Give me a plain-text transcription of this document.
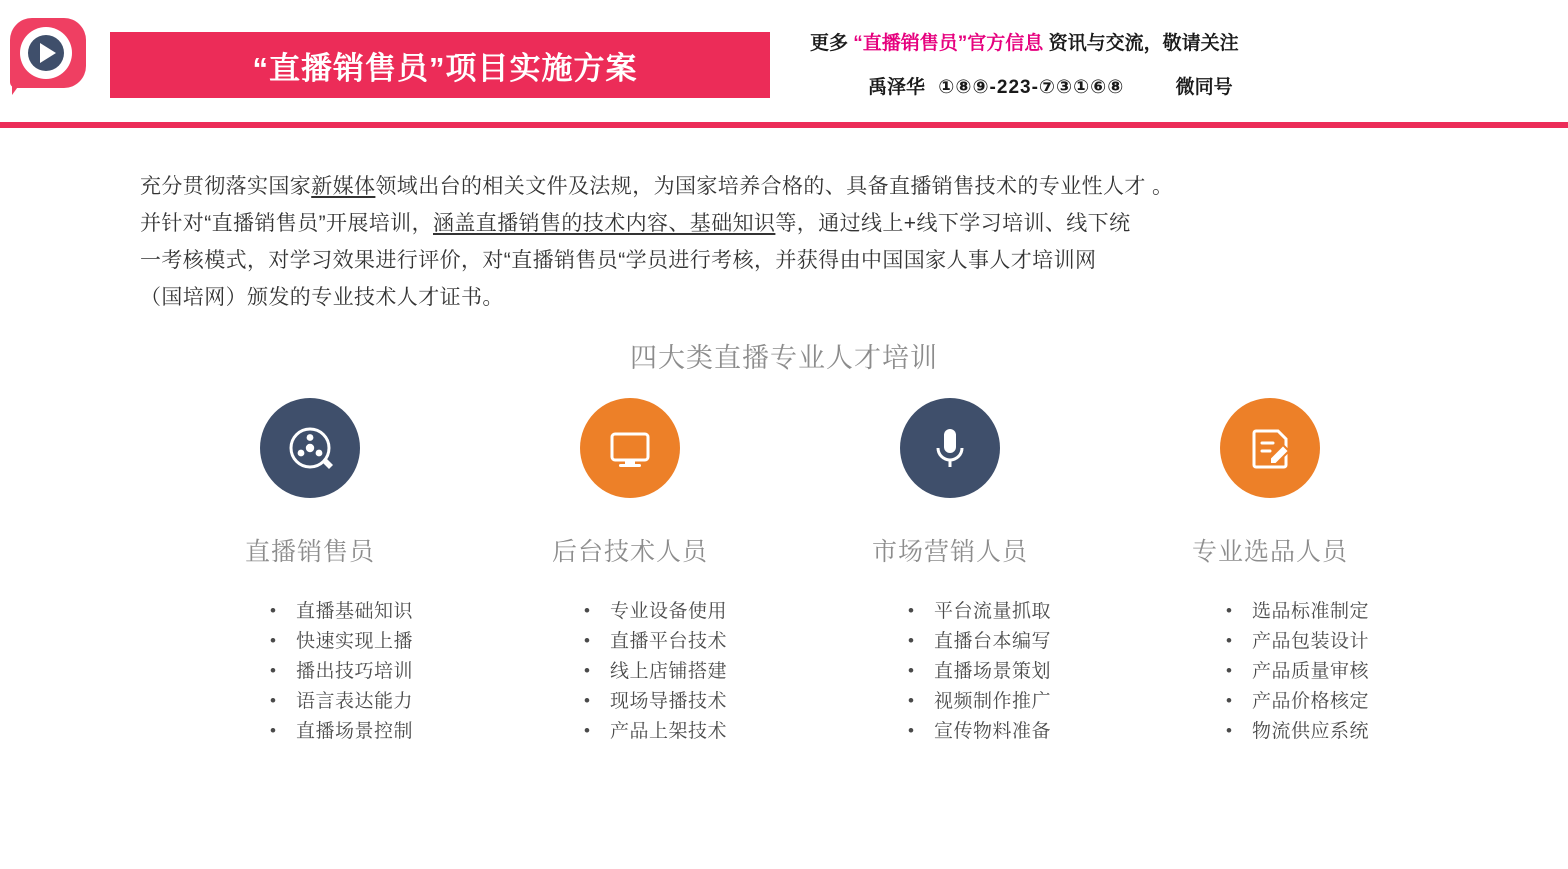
“直播销售员”项目实施方案
更多 “直播销售员”官方信息 资讯与交流，敬请关注
禹泽华 ①⑧⑨-223-⑦③①⑥⑧	微同号
充分贯彻落实国家新媒体领域出台的相关文件及法规，为国家培养合格的、具备直播销售技术的专业性人才 。
并针对“直播销售员”开展培训，涵盖直播销售的技术内容、基础知识等，通过线上+线下学习培训、线下统
一考核模式，对学习效果进行评价，对“直播销售员“学员进行考核，并获得由中国国家人事人才培训网
（国培网）颁发的专业技术人才证书。
四大类直播专业人才培训
直播销售员
• 直播基础知识
• 快速实现上播
• 播出技巧培训
• 语言表达能力
• 直播场景控制
后台技术人员
• 专业设备使用
• 直播平台技术
• 线上店铺搭建
• 现场导播技术
• 产品上架技术
市场营销人员
• 平台流量抓取
• 直播台本编写
• 直播场景策划
• 视频制作推广
• 宣传物料准备
专业选品人员
• 选品标准制定
• 产品包装设计
• 产品质量审核
• 产品价格核定
• 物流供应系统
